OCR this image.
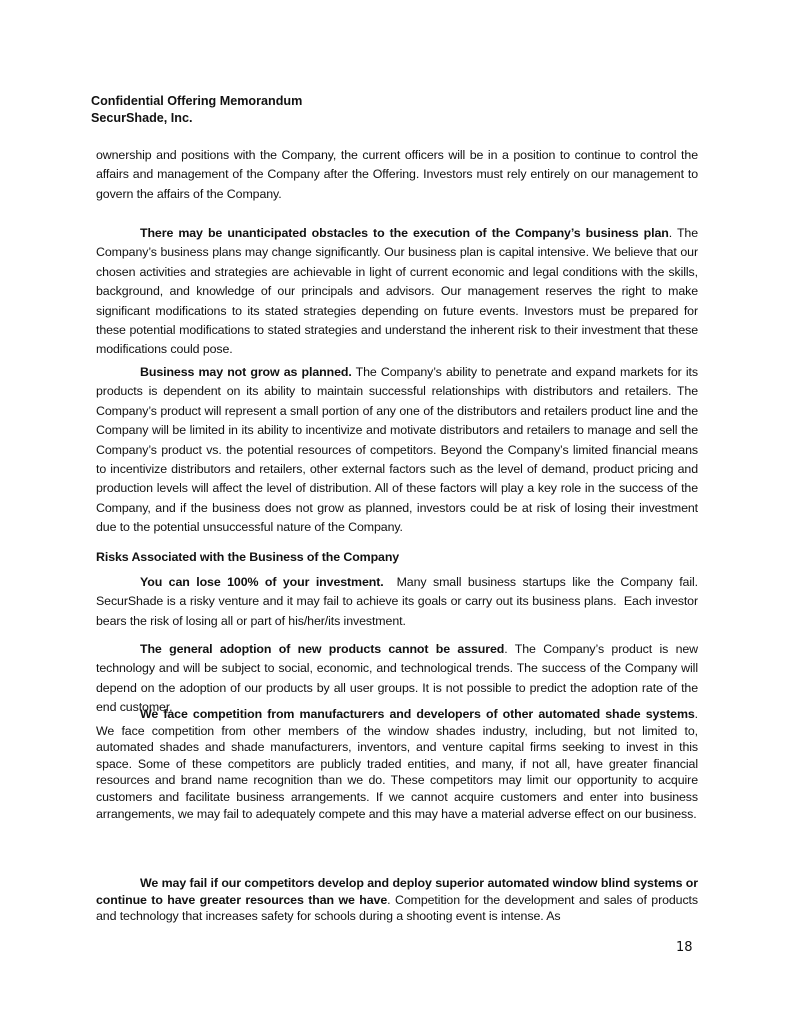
Confidential Offering Memorandum
SecurShade, Inc.

ownership and positions with the Company, the current officers will be in a position to continue to control the affairs and management of the Company after the Offering. Investors must rely entirely on our management to govern the affairs of the Company.

There may be unanticipated obstacles to the execution of the Company’s business plan. The Company’s business plans may change significantly. Our business plan is capital intensive. We believe that our chosen activities and strategies are achievable in light of current economic and legal conditions with the skills, background, and knowledge of our principals and advisors. Our management reserves the right to make significant modifications to its stated strategies depending on future events. Investors must be prepared for these potential modifications to stated strategies and understand the inherent risk to their investment that these modifications could pose.

Business may not grow as planned. The Company’s ability to penetrate and expand markets for its products is dependent on its ability to maintain successful relationships with distributors and retailers. The Company’s product will represent a small portion of any one of the distributors and retailers product line and the Company will be limited in its ability to incentivize and motivate distributors and retailers to manage and sell the Company’s product vs. the potential resources of competitors. Beyond the Company’s limited financial means to incentivize distributors and retailers, other external factors such as the level of demand, product pricing and production levels will affect the level of distribution. All of these factors will play a key role in the success of the Company, and if the business does not grow as planned, investors could be at risk of losing their investment due to the potential unsuccessful nature of the Company.

Risks Associated with the Business of the Company

You can lose 100% of your investment.  Many small business startups like the Company fail. SecurShade is a risky venture and it may fail to achieve its goals or carry out its business plans.  Each investor bears the risk of losing all or part of his/her/its investment.

The general adoption of new products cannot be assured. The Company’s product is new technology and will be subject to social, economic, and technological trends. The success of the Company will depend on the adoption of our products by all user groups. It is not possible to predict the adoption rate of the end customer.

We face competition from manufacturers and developers of other automated shade systems. We face competition from other members of the window shades industry, including, but not limited to, automated shades and shade manufacturers, inventors, and venture capital firms seeking to invest in this space. Some of these competitors are publicly traded entities, and many, if not all, have greater financial resources and brand name recognition than we do. These competitors may limit our opportunity to acquire customers and facilitate business arrangements. If we cannot acquire customers and enter into business arrangements, we may fail to adequately compete and this may have a material adverse effect on our business.

We may fail if our competitors develop and deploy superior automated window blind systems or continue to have greater resources than we have. Competition for the development and sales of products and technology that increases safety for schools during a shooting event is intense. As

18
